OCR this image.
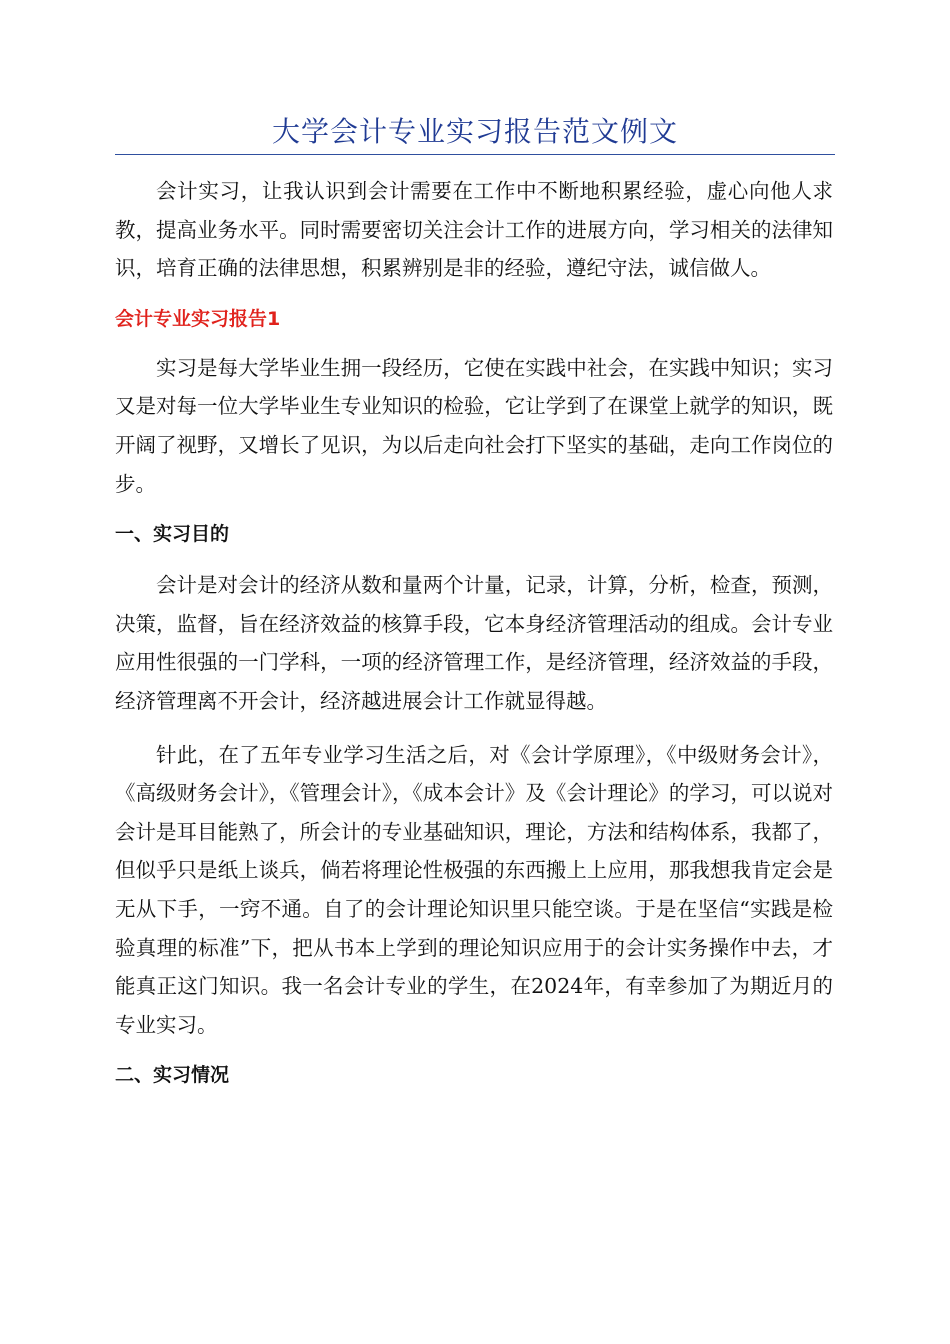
大学会计专业实习报告范文例文

会计实习，让我认识到会计需要在工作中不断地积累经验，虚心向他人求教，提高业务水平。同时需要密切关注会计工作的进展方向，学习相关的法律知识，培育正确的法律思想，积累辨别是非的经验，遵纪守法，诚信做人。

会计专业实习报告1

实习是每大学毕业生拥一段经历，它使在实践中社会，在实践中知识；实习又是对每一位大学毕业生专业知识的检验，它让学到了在课堂上就学的知识，既开阔了视野，又增长了见识，为以后走向社会打下坚实的基础，走向工作岗位的步。

一、实习目的

会计是对会计的经济从数和量两个计量，记录，计算，分析，检查，预测，决策，监督，旨在经济效益的核算手段，它本身经济管理活动的组成。会计专业应用性很强的一门学科，一项的经济管理工作，是经济管理，经济效益的手段，经济管理离不开会计，经济越进展会计工作就显得越。

针此，在了五年专业学习生活之后，对《会计学原理》，《中级财务会计》，《高级财务会计》，《管理会计》，《成本会计》及《会计理论》的学习，可以说对会计是耳目能熟了，所会计的专业基础知识，理论，方法和结构体系，我都了，但似乎只是纸上谈兵，倘若将理论性极强的东西搬上上应用，那我想我肯定会是无从下手，一窍不通。自了的会计理论知识里只能空谈。于是在坚信“实践是检验真理的标准”下，把从书本上学到的理论知识应用于的会计实务操作中去，才能真正这门知识。我一名会计专业的学生，在2024年，有幸参加了为期近月的专业实习。

二、实习情况
